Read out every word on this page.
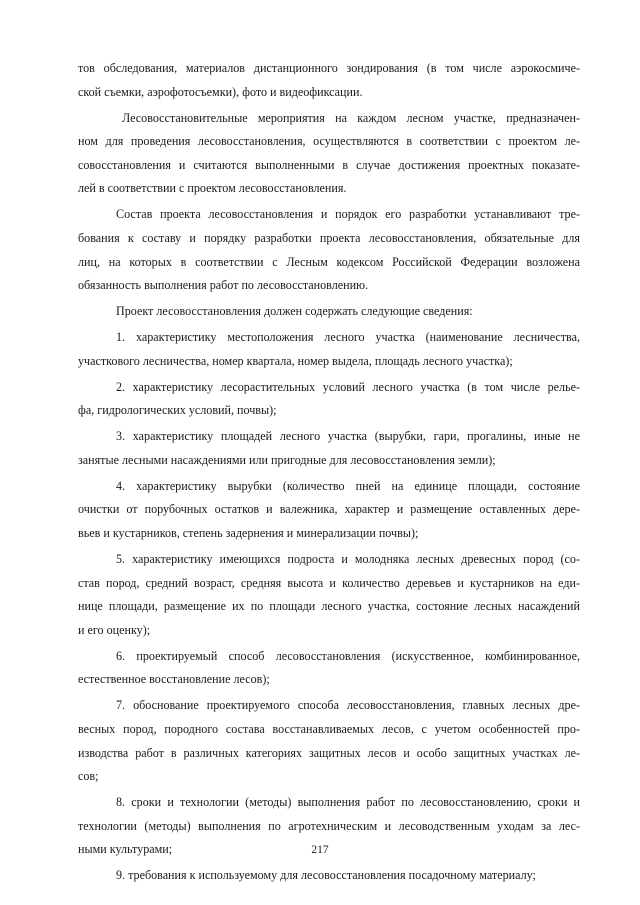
тов обследования, материалов дистанционного зондирования (в том числе аэрокосмиче-
ской съемки, аэрофотосъемки), фото и видеофиксации.
Лесовосстановительные мероприятия на каждом лесном участке, предназначен-
ном для проведения лесовосстановления, осуществляются в соответствии с проектом ле-
совосстановления и считаются выполненными в случае достижения проектных показате-
лей в соответствии с проектом лесовосстановления.
Состав проекта лесовосстановления и порядок его разработки устанавливают тре-
бования к составу и порядку разработки проекта лесовосстановления, обязательные для
лиц, на которых в соответствии с Лесным кодексом Российской Федерации возложена
обязанность выполнения работ по лесовосстановлению.
Проект лесовосстановления должен содержать следующие сведения:
1. характеристику местоположения лесного участка (наименование лесничества,
участкового лесничества, номер квартала, номер выдела, площадь лесного участка);
2. характеристику лесорастительных условий лесного участка (в том числе релье-
фа, гидрологических условий, почвы);
3. характеристику площадей лесного участка (вырубки, гари, прогалины, иные не
занятые лесными насаждениями или пригодные для лесовосстановления земли);
4. характеристику вырубки (количество пней на единице площади, состояние
очистки от порубочных остатков и валежника, характер и размещение оставленных дере-
вьев и кустарников, степень задернения и минерализации почвы);
5. характеристику имеющихся подроста и молодняка лесных древесных пород (со-
став пород, средний возраст, средняя высота и количество деревьев и кустарников на еди-
нице площади, размещение их по площади лесного участка, состояние лесных насаждений
и его оценку);
6. проектируемый способ лесовосстановления (искусственное, комбинированное,
естественное восстановление лесов);
7. обоснование проектируемого способа лесовосстановления, главных лесных дре-
весных пород, породного состава восстанавливаемых лесов, с учетом особенностей про-
изводства работ в различных категориях защитных лесов и особо защитных участках ле-
сов;
8. сроки и технологии (методы) выполнения работ по лесовосстановлению, сроки и
технологии (методы) выполнения по агротехническим и лесоводственным уходам за лес-
ными культурами;
9. требования к используемому для лесовосстановления посадочному материалу;
217
